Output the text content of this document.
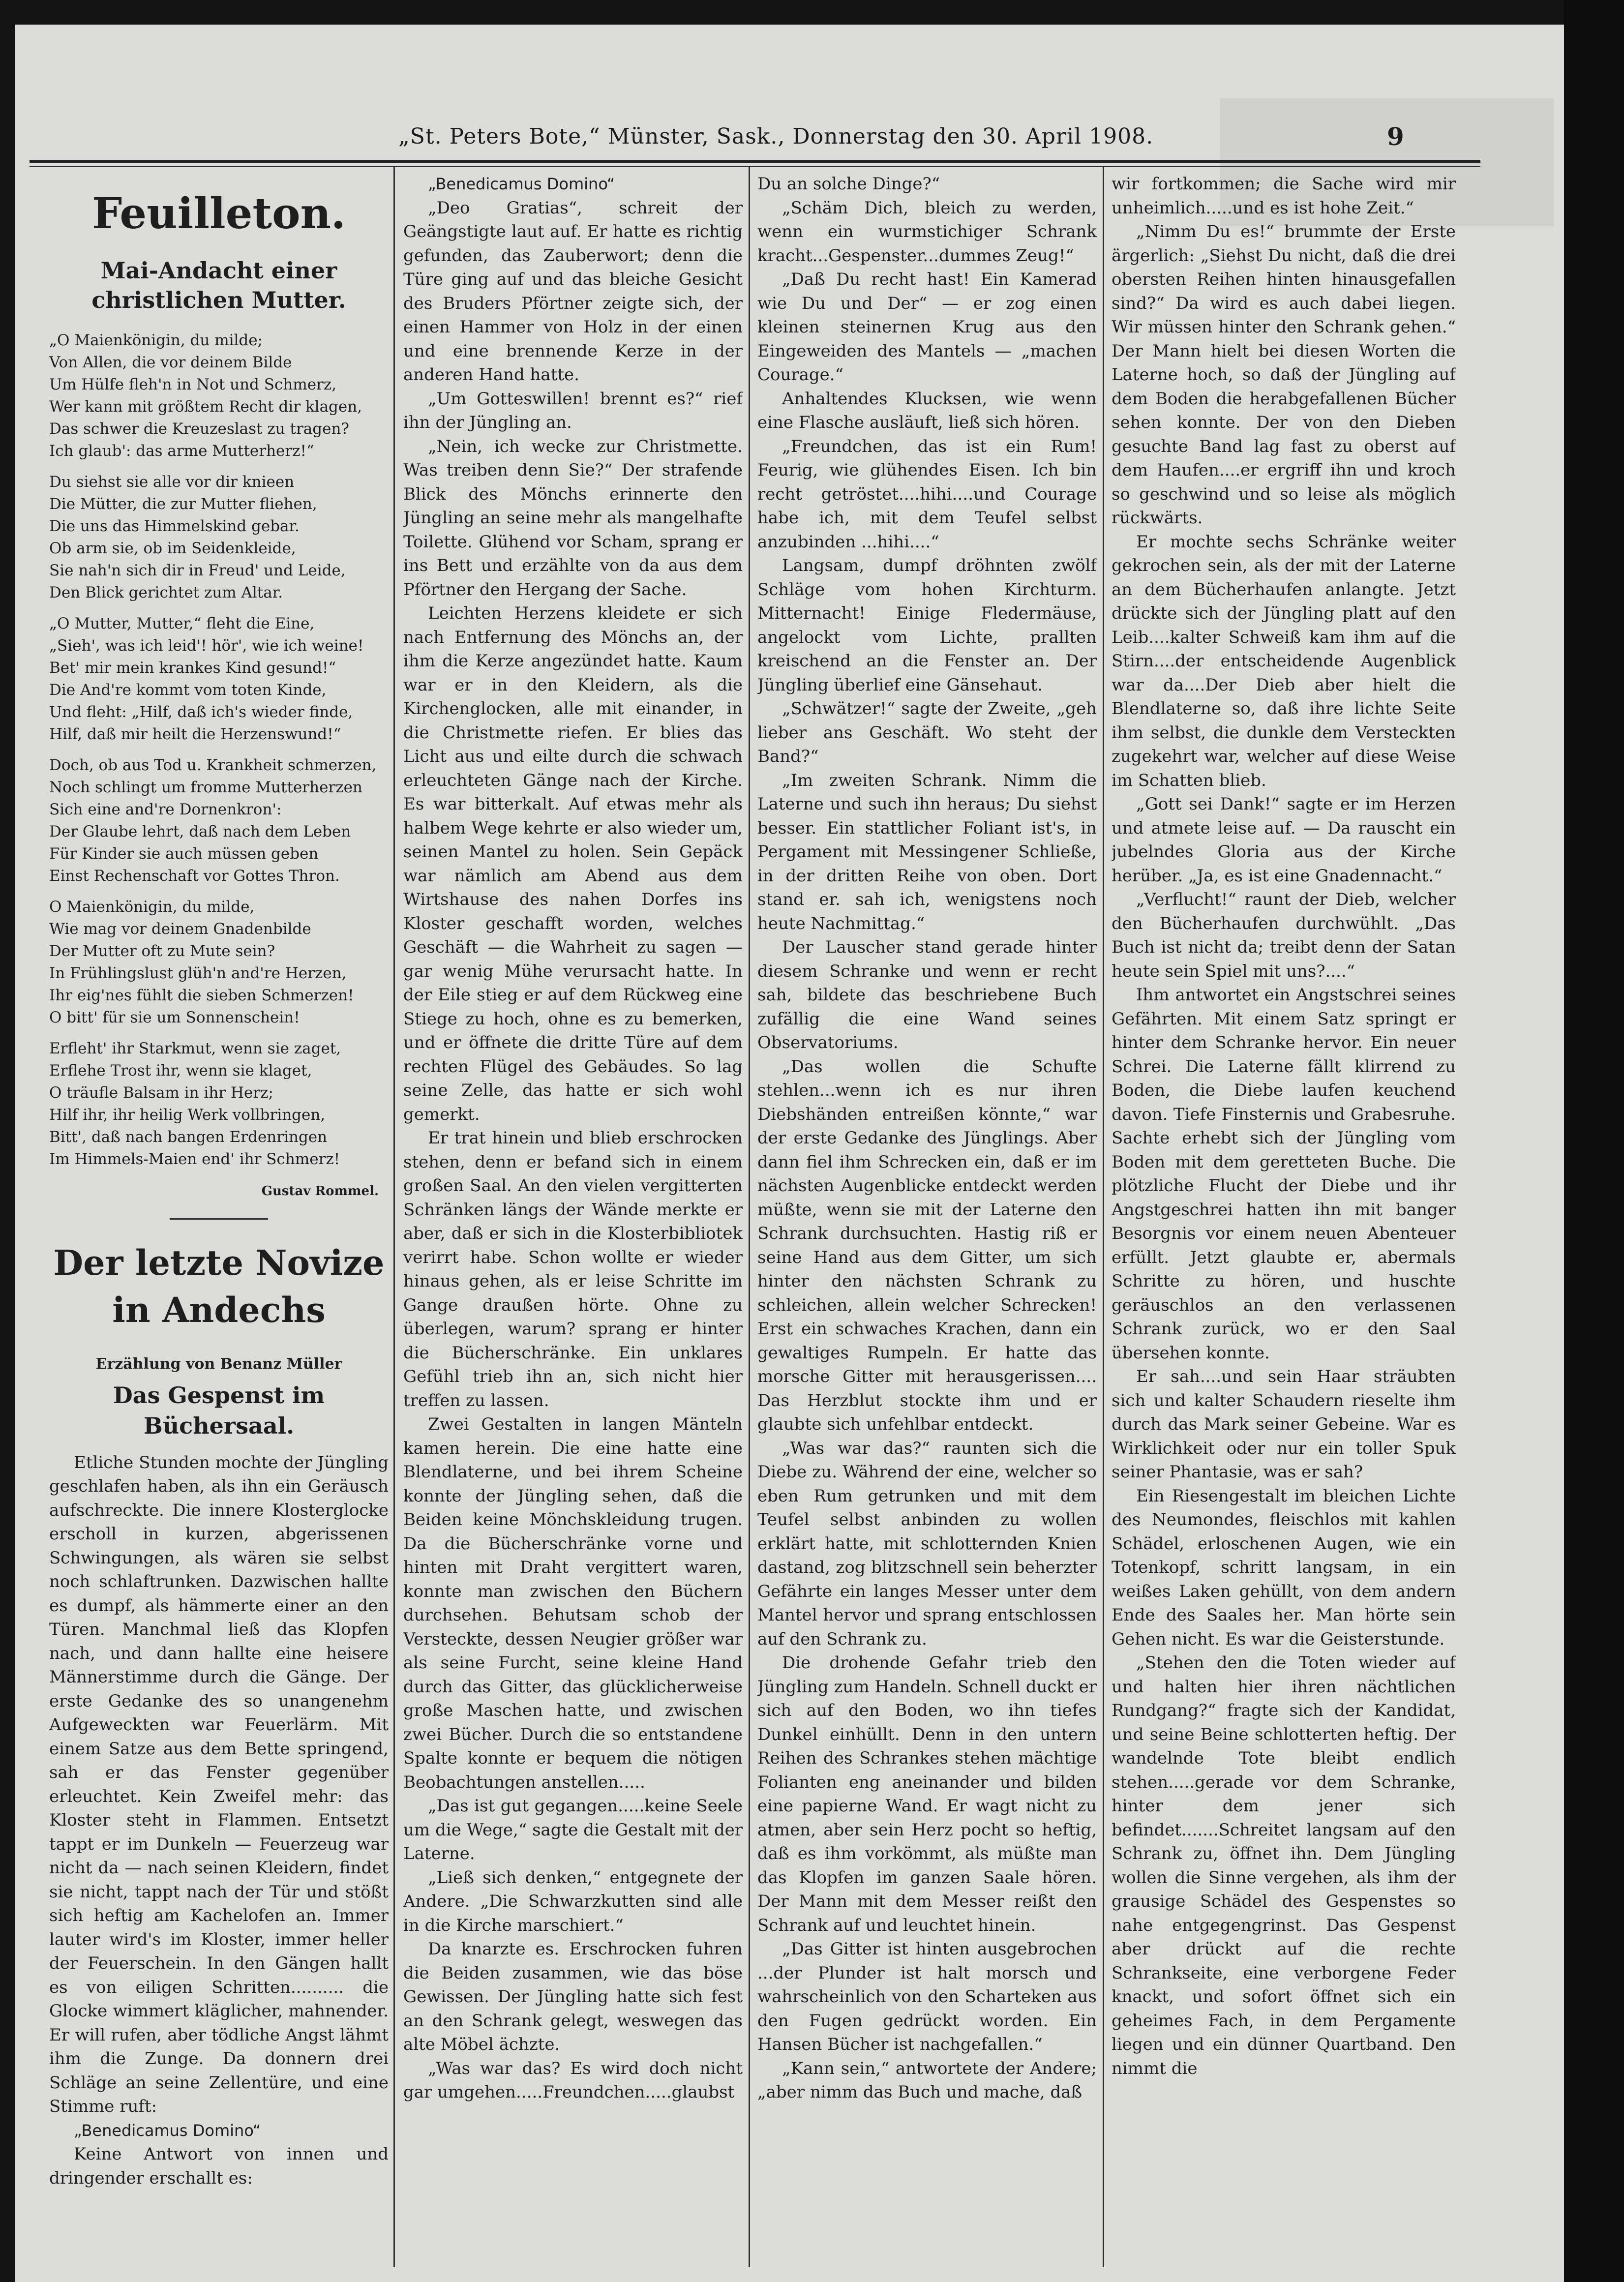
„St. Peters Bote,“ Münster, Sask., Donnerstag den 30. April 1908.	9
Feuilleton.
Mai-Andacht einer christlichen Mutter.
„O Maienkönigin, du milde;
Von Allen, die vor deinem Bilde
Um Hülfe fleh'n in Not und Schmerz,
Wer kann mit größtem Recht dir klagen,
Das schwer die Kreuzeslast zu tragen?
Ich glaub': das arme Mutterherz!“
Du siehst sie alle vor dir knieen
Die Mütter, die zur Mutter fliehen,
Die uns das Himmelskind gebar.
Ob arm sie, ob im Seidenkleide,
Sie nah'n sich dir in Freud' und Leide,
Den Blick gerichtet zum Altar.
„O Mutter, Mutter,“ fleht die Eine,
„Sieh', was ich leid'! hör', wie ich weine!
Bet' mir mein krankes Kind gesund!“
Die And're kommt vom toten Kinde,
Und fleht: „Hilf, daß ich's wieder finde,
Hilf, daß mir heilt die Herzenswund!“
Doch, ob aus Tod u. Krankheit schmerzen,
Noch schlingt um fromme Mutterherzen
Sich eine and're Dornenkron':
Der Glaube lehrt, daß nach dem Leben
Für Kinder sie auch müssen geben
Einst Rechenschaft vor Gottes Thron.
O Maienkönigin, du milde,
Wie mag vor deinem Gnadenbilde
Der Mutter oft zu Mute sein?
In Frühlingslust glüh'n and're Herzen,
Ihr eig'nes fühlt die sieben Schmerzen!
O bitt' für sie um Sonnenschein!
Erfleht' ihr Starkmut, wenn sie zaget,
Erflehe Trost ihr, wenn sie klaget,
O träufle Balsam in ihr Herz;
Hilf ihr, ihr heilig Werk vollbringen,
Bitt', daß nach bangen Erdenringen
Im Himmels-Maien end' ihr Schmerz!
Gustav Rommel.
Der letzte Novize
in Andechs
Erzählung von Benanz Müller
Das Gespenst im Büchersaal.

Etliche Stunden mochte der Jüngling geschlafen haben, als ihn ein Geräusch aufschreckte. Die innere Klosterglocke erscholl in kurzen, abgerissenen Schwingungen, als wären sie selbst noch schlaftrunken. Dazwischen hallte es dumpf, als hämmerte einer an den Türen. Manchmal ließ das Klopfen nach, und dann hallte eine heisere Männerstimme durch die Gänge. Der erste Gedanke des so unangenehm Aufgeweckten war Feuerlärm. Mit einem Satze aus dem Bette springend, sah er das Fenster gegenüber erleuchtet. Kein Zweifel mehr: das Kloster steht in Flammen. Entsetzt tappt er im Dunkeln — Feuerzeug war nicht da — nach seinen Kleidern, findet sie nicht, tappt nach der Tür und stößt sich heftig am Kachelofen an. Immer lauter wird's im Kloster, immer heller der Feuerschein. In den Gängen hallt es von eiligen Schritten.......... die Glocke wimmert kläglicher, mahnender. Er will rufen, aber tödliche Angst lähmt ihm die Zunge. Da donnern drei Schläge an seine Zellentüre, und eine Stimme ruft:

„Benedicamus Domino“

Keine Antwort von innen und dringender erschallt es:

„Benedicamus Domino“

„Deo Gratias“, schreit der Geängstigte laut auf. Er hatte es richtig gefunden, das Zauberwort; denn die Türe ging auf und das bleiche Gesicht des Bruders Pförtner zeigte sich, der einen Hammer von Holz in der einen und eine brennende Kerze in der anderen Hand hatte.

„Um Gotteswillen! brennt es?“ rief ihn der Jüngling an.

„Nein, ich wecke zur Christmette. Was treiben denn Sie?“ Der strafende Blick des Mönchs erinnerte den Jüngling an seine mehr als mangelhafte Toilette. Glühend vor Scham, sprang er ins Bett und erzählte von da aus dem Pförtner den Hergang der Sache.

Leichten Herzens kleidete er sich nach Entfernung des Mönchs an, der ihm die Kerze angezündet hatte. Kaum war er in den Kleidern, als die Kirchenglocken, alle mit einander, in die Christmette riefen. Er blies das Licht aus und eilte durch die schwach erleuchteten Gänge nach der Kirche. Es war bitterkalt. Auf etwas mehr als halbem Wege kehrte er also wieder um, seinen Mantel zu holen. Sein Gepäck war nämlich am Abend aus dem Wirtshause des nahen Dorfes ins Kloster geschafft worden, welches Geschäft — die Wahrheit zu sagen — gar wenig Mühe verursacht hatte. In der Eile stieg er auf dem Rückweg eine Stiege zu hoch, ohne es zu bemerken, und er öffnete die dritte Türe auf dem rechten Flügel des Gebäudes. So lag seine Zelle, das hatte er sich wohl gemerkt.

Er trat hinein und blieb erschrocken stehen, denn er befand sich in einem großen Saal. An den vielen vergitterten Schränken längs der Wände merkte er aber, daß er sich in die Klosterbibliotek verirrt habe. Schon wollte er wieder hinaus gehen, als er leise Schritte im Gange draußen hörte. Ohne zu überlegen, warum? sprang er hinter die Bücherschränke. Ein unklares Gefühl trieb ihn an, sich nicht hier treffen zu lassen.

Zwei Gestalten in langen Mänteln kamen herein. Die eine hatte eine Blendlaterne, und bei ihrem Scheine konnte der Jüngling sehen, daß die Beiden keine Mönchskleidung trugen. Da die Bücherschränke vorne und hinten mit Draht vergittert waren, konnte man zwischen den Büchern durchsehen. Behutsam schob der Versteckte, dessen Neugier größer war als seine Furcht, seine kleine Hand durch das Gitter, das glücklicherweise große Maschen hatte, und zwischen zwei Bücher. Durch die so entstandene Spalte konnte er bequem die nötigen Beobachtungen anstellen.....

„Das ist gut gegangen.....keine Seele um die Wege,“ sagte die Gestalt mit der Laterne.

„Ließ sich denken,“ entgegnete der Andere. „Die Schwarzkutten sind alle in die Kirche marschiert.“

Da knarzte es. Erschrocken fuhren die Beiden zusammen, wie das böse Gewissen. Der Jüngling hatte sich fest an den Schrank gelegt, weswegen das alte Möbel ächzte.

„Was war das? Es wird doch nicht gar umgehen.....Freundchen.....glaubst

Du an solche Dinge?“

„Schäm Dich, bleich zu werden, wenn ein wurmstichiger Schrank kracht...Gespenster...dummes Zeug!“

„Daß Du recht hast! Ein Kamerad wie Du und Der“ — er zog einen kleinen steinernen Krug aus den Eingeweiden des Mantels — „machen Courage.“

Anhaltendes Klucksen, wie wenn eine Flasche ausläuft, ließ sich hören.

„Freundchen, das ist ein Rum! Feurig, wie glühendes Eisen. Ich bin recht getröstet....hihi....und Courage habe ich, mit dem Teufel selbst anzubinden ...hihi....“

Langsam, dumpf dröhnten zwölf Schläge vom hohen Kirchturm. Mitternacht! Einige Fledermäuse, angelockt vom Lichte, prallten kreischend an die Fenster an. Der Jüngling überlief eine Gänsehaut.

„Schwätzer!“ sagte der Zweite, „geh lieber ans Geschäft. Wo steht der Band?“

„Im zweiten Schrank. Nimm die Laterne und such ihn heraus; Du siehst besser. Ein stattlicher Foliant ist's, in Pergament mit Messingener Schließe, in der dritten Reihe von oben. Dort stand er. sah ich, wenigstens noch heute Nachmittag.“

Der Lauscher stand gerade hinter diesem Schranke und wenn er recht sah, bildete das beschriebene Buch zufällig die eine Wand seines Observatoriums.

„Das wollen die Schufte stehlen...wenn ich es nur ihren Diebshänden entreißen könnte,“ war der erste Gedanke des Jünglings. Aber dann fiel ihm Schrecken ein, daß er im nächsten Augenblicke entdeckt werden müßte, wenn sie mit der Laterne den Schrank durchsuchten. Hastig riß er seine Hand aus dem Gitter, um sich hinter den nächsten Schrank zu schleichen, allein welcher Schrecken! Erst ein schwaches Krachen, dann ein gewaltiges Rumpeln. Er hatte das morsche Gitter mit herausgerissen.... Das Herzblut stockte ihm und er glaubte sich unfehlbar entdeckt.

„Was war das?“ raunten sich die Diebe zu. Während der eine, welcher so eben Rum getrunken und mit dem Teufel selbst anbinden zu wollen erklärt hatte, mit schlotternden Knien dastand, zog blitzschnell sein beherzter Gefährte ein langes Messer unter dem Mantel hervor und sprang entschlossen auf den Schrank zu.

Die drohende Gefahr trieb den Jüngling zum Handeln. Schnell duckt er sich auf den Boden, wo ihn tiefes Dunkel einhüllt. Denn in den untern Reihen des Schrankes stehen mächtige Folianten eng aneinander und bilden eine papierne Wand. Er wagt nicht zu atmen, aber sein Herz pocht so heftig, daß es ihm vorkömmt, als müßte man das Klopfen im ganzen Saale hören. Der Mann mit dem Messer reißt den Schrank auf und leuchtet hinein.

„Das Gitter ist hinten ausgebrochen ...der Plunder ist halt morsch und wahrscheinlich von den Scharteken aus den Fugen gedrückt worden. Ein Hansen Bücher ist nachgefallen.“

„Kann sein,“ antwortete der Andere; „aber nimm das Buch und mache, daß

wir fortkommen; die Sache wird mir unheimlich.....und es ist hohe Zeit.“

„Nimm Du es!“ brummte der Erste ärgerlich: „Siehst Du nicht, daß die drei obersten Reihen hinten hinausgefallen sind?“ Da wird es auch dabei liegen. Wir müssen hinter den Schrank gehen.“ Der Mann hielt bei diesen Worten die Laterne hoch, so daß der Jüngling auf dem Boden die herabgefallenen Bücher sehen konnte. Der von den Dieben gesuchte Band lag fast zu oberst auf dem Haufen....er ergriff ihn und kroch so geschwind und so leise als möglich rückwärts.

Er mochte sechs Schränke weiter gekrochen sein, als der mit der Laterne an dem Bücherhaufen anlangte. Jetzt drückte sich der Jüngling platt auf den Leib....kalter Schweiß kam ihm auf die Stirn....der entscheidende Augenblick war da....Der Dieb aber hielt die Blendlaterne so, daß ihre lichte Seite ihm selbst, die dunkle dem Versteckten zugekehrt war, welcher auf diese Weise im Schatten blieb.

„Gott sei Dank!“ sagte er im Herzen und atmete leise auf. — Da rauscht ein jubelndes Gloria aus der Kirche herüber. „Ja, es ist eine Gnadennacht.“

„Verflucht!“ raunt der Dieb, welcher den Bücherhaufen durchwühlt. „Das Buch ist nicht da; treibt denn der Satan heute sein Spiel mit uns?....“

Ihm antwortet ein Angstschrei seines Gefährten. Mit einem Satz springt er hinter dem Schranke hervor. Ein neuer Schrei. Die Laterne fällt klirrend zu Boden, die Diebe laufen keuchend davon. Tiefe Finsternis und Grabesruhe. Sachte erhebt sich der Jüngling vom Boden mit dem geretteten Buche. Die plötzliche Flucht der Diebe und ihr Angstgeschrei hatten ihn mit banger Besorgnis vor einem neuen Abenteuer erfüllt. Jetzt glaubte er, abermals Schritte zu hören, und huschte geräuschlos an den verlassenen Schrank zurück, wo er den Saal übersehen konnte.

Er sah....und sein Haar sträubten sich und kalter Schaudern rieselte ihm durch das Mark seiner Gebeine. War es Wirklichkeit oder nur ein toller Spuk seiner Phantasie, was er sah?

Ein Riesengestalt im bleichen Lichte des Neumondes, fleischlos mit kahlen Schädel, erloschenen Augen, wie ein Totenkopf, schritt langsam, in ein weißes Laken gehüllt, von dem andern Ende des Saales her. Man hörte sein Gehen nicht. Es war die Geisterstunde.

„Stehen den die Toten wieder auf und halten hier ihren nächtlichen Rundgang?“ fragte sich der Kandidat, und seine Beine schlotterten heftig. Der wandelnde Tote bleibt endlich stehen.....gerade vor dem Schranke, hinter dem jener sich befindet.......Schreitet langsam auf den Schrank zu, öffnet ihn. Dem Jüngling wollen die Sinne vergehen, als ihm der grausige Schädel des Gespenstes so nahe entgegengrinst. Das Gespenst aber drückt auf die rechte Schrankseite, eine verborgene Feder knackt, und sofort öffnet sich ein geheimes Fach, in dem Pergamente liegen und ein dünner Quartband. Den nimmt die
